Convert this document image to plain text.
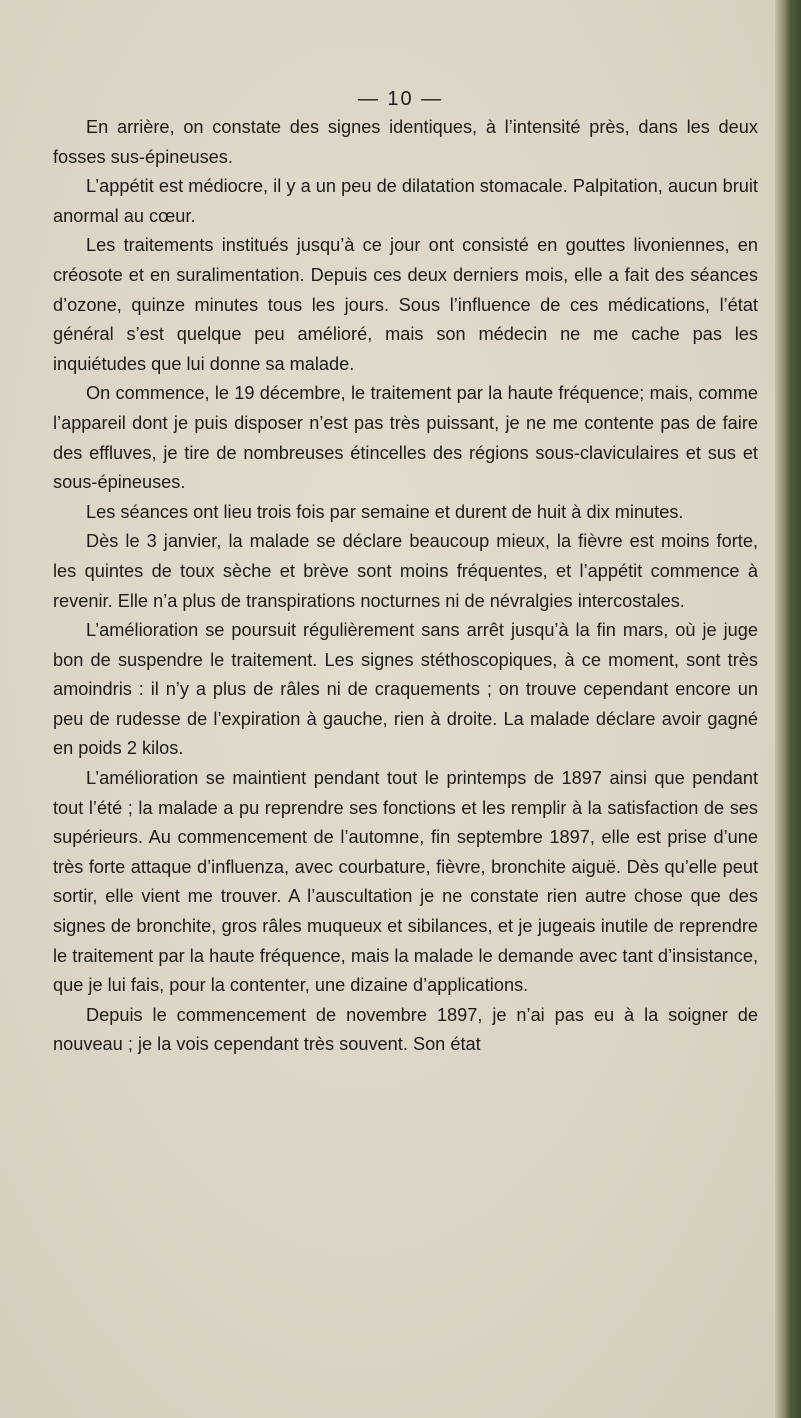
— 10 —

En arrière, on constate des signes identiques, à l’intensité près, dans les deux fosses sus-épineuses.

L’appétit est médiocre, il y a un peu de dilatation stomacale. Palpitation, aucun bruit anormal au cœur.

Les traitements institués jusqu’à ce jour ont consisté en gouttes livoniennes, en créosote et en suralimentation. Depuis ces deux derniers mois, elle a fait des séances d’ozone, quinze minutes tous les jours. Sous l’influence de ces médications, l’état général s’est quelque peu amélioré, mais son médecin ne me cache pas les inquiétudes que lui donne sa malade.

On commence, le 19 décembre, le traitement par la haute fréquence; mais, comme l’appareil dont je puis disposer n’est pas très puissant, je ne me contente pas de faire des effluves, je tire de nombreuses étincelles des régions sous-claviculaires et sus et sous-épineuses.

Les séances ont lieu trois fois par semaine et durent de huit à dix minutes.

Dès le 3 janvier, la malade se déclare beaucoup mieux, la fièvre est moins forte, les quintes de toux sèche et brève sont moins fréquentes, et l’appétit commence à revenir. Elle n’a plus de transpirations nocturnes ni de névralgies intercostales.

L’amélioration se poursuit régulièrement sans arrêt jusqu’à la fin mars, où je juge bon de suspendre le traitement. Les signes stéthoscopiques, à ce moment, sont très amoindris : il n’y a plus de râles ni de craquements ; on trouve cependant encore un peu de rudesse de l’expiration à gauche, rien à droite. La malade déclare avoir gagné en poids 2 kilos.

L’amélioration se maintient pendant tout le printemps de 1897 ainsi que pendant tout l’été ; la malade a pu reprendre ses fonctions et les remplir à la satisfaction de ses supérieurs. Au commencement de l’automne, fin septembre 1897, elle est prise d’une très forte attaque d’influenza, avec courbature, fièvre, bronchite aiguë. Dès qu’elle peut sortir, elle vient me trouver. A l’auscultation je ne constate rien autre chose que des signes de bronchite, gros râles muqueux et sibilances, et je jugeais inutile de reprendre le traitement par la haute fréquence, mais la malade le demande avec tant d’insistance, que je lui fais, pour la contenter, une dizaine d’applications.

Depuis le commencement de novembre 1897, je n’ai pas eu à la soigner de nouveau ; je la vois cependant très souvent. Son état
